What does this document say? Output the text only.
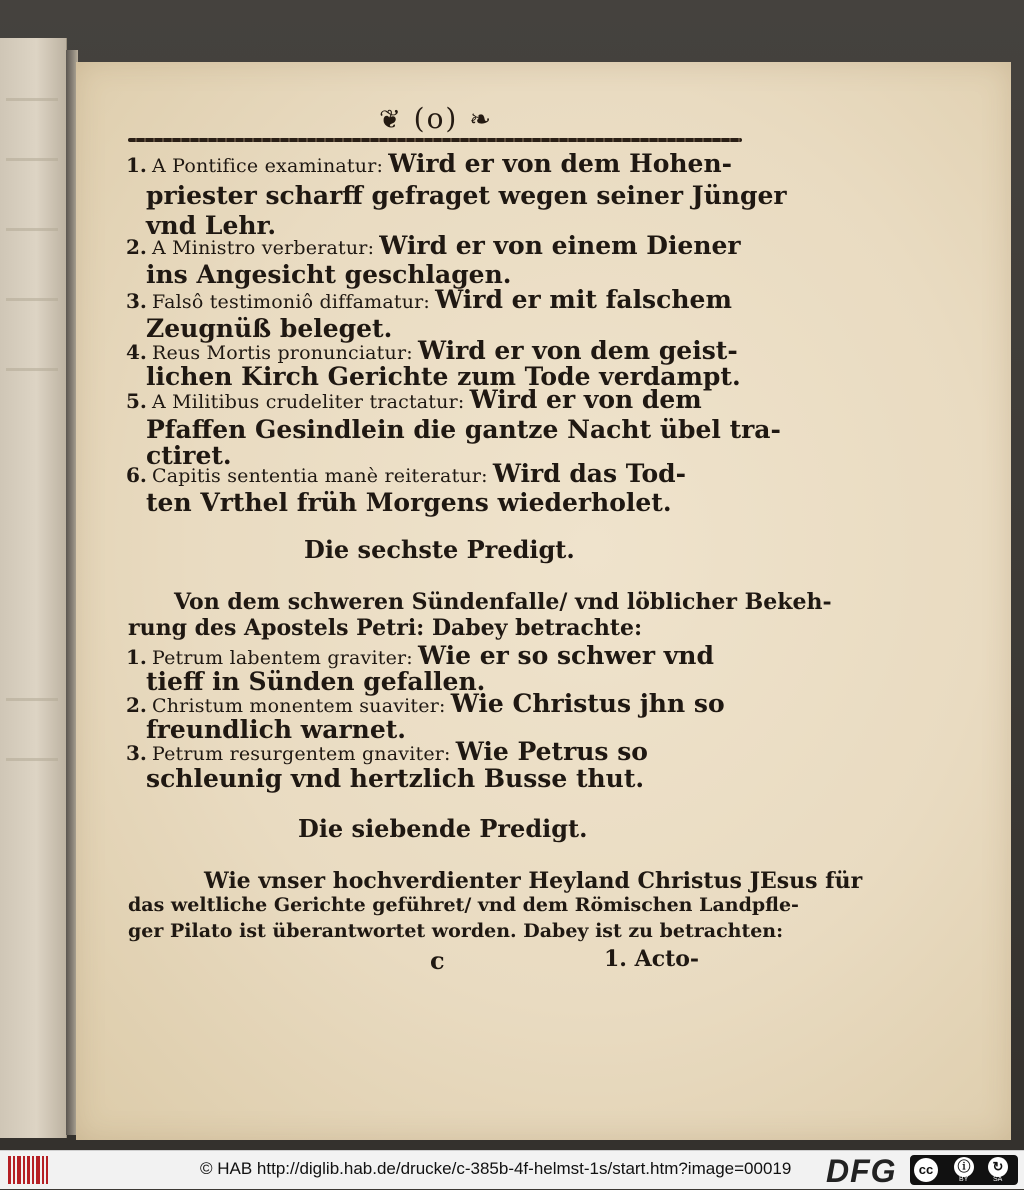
❦ (o) ❧
1. A Pontifice examinatur: Wird er von dem Hohen-
priester scharff gefraget wegen seiner Jünger
vnd Lehr.
2. A Ministro verberatur: Wird er von einem Diener
ins Angesicht geschlagen.
3. Falsô testimoniô diffamatur: Wird er mit falschem
Zeugnüß beleget.
4. Reus Mortis pronunciatur: Wird er von dem geist-
lichen Kirch Gerichte zum Tode verdampt.
5. A Militibus crudeliter tractatur: Wird er von dem
Pfaffen Gesindlein die gantze Nacht übel tra-
ctiret.
6. Capitis sententia manè reiteratur: Wird das Tod-
ten Vrthel früh Morgens wiederholet.
Die sechste Predigt.
Von dem schweren Sündenfalle/ vnd löblicher Bekeh-
rung des Apostels Petri: Dabey betrachte:
1. Petrum labentem graviter: Wie er so schwer vnd
tieff in Sünden gefallen.
2. Christum monentem suaviter: Wie Christus jhn so
freundlich warnet.
3. Petrum resurgentem gnaviter: Wie Petrus so
schleunig vnd hertzlich Busse thut.
Die siebende Predigt.
Wie vnser hochverdienter Heyland Christus JEsus für
das weltliche Gerichte geführet/ vnd dem Römischen Landpfle-
ger Pilato ist überantwortet worden. Dabey ist zu betrachten:
c	1. Acto-
© HAB http://diglib.hab.de/drucke/c-385b-4f-helmst-1s/start.htm?image=00019 DFG	cc	ⓘ	↻
BY	SA
